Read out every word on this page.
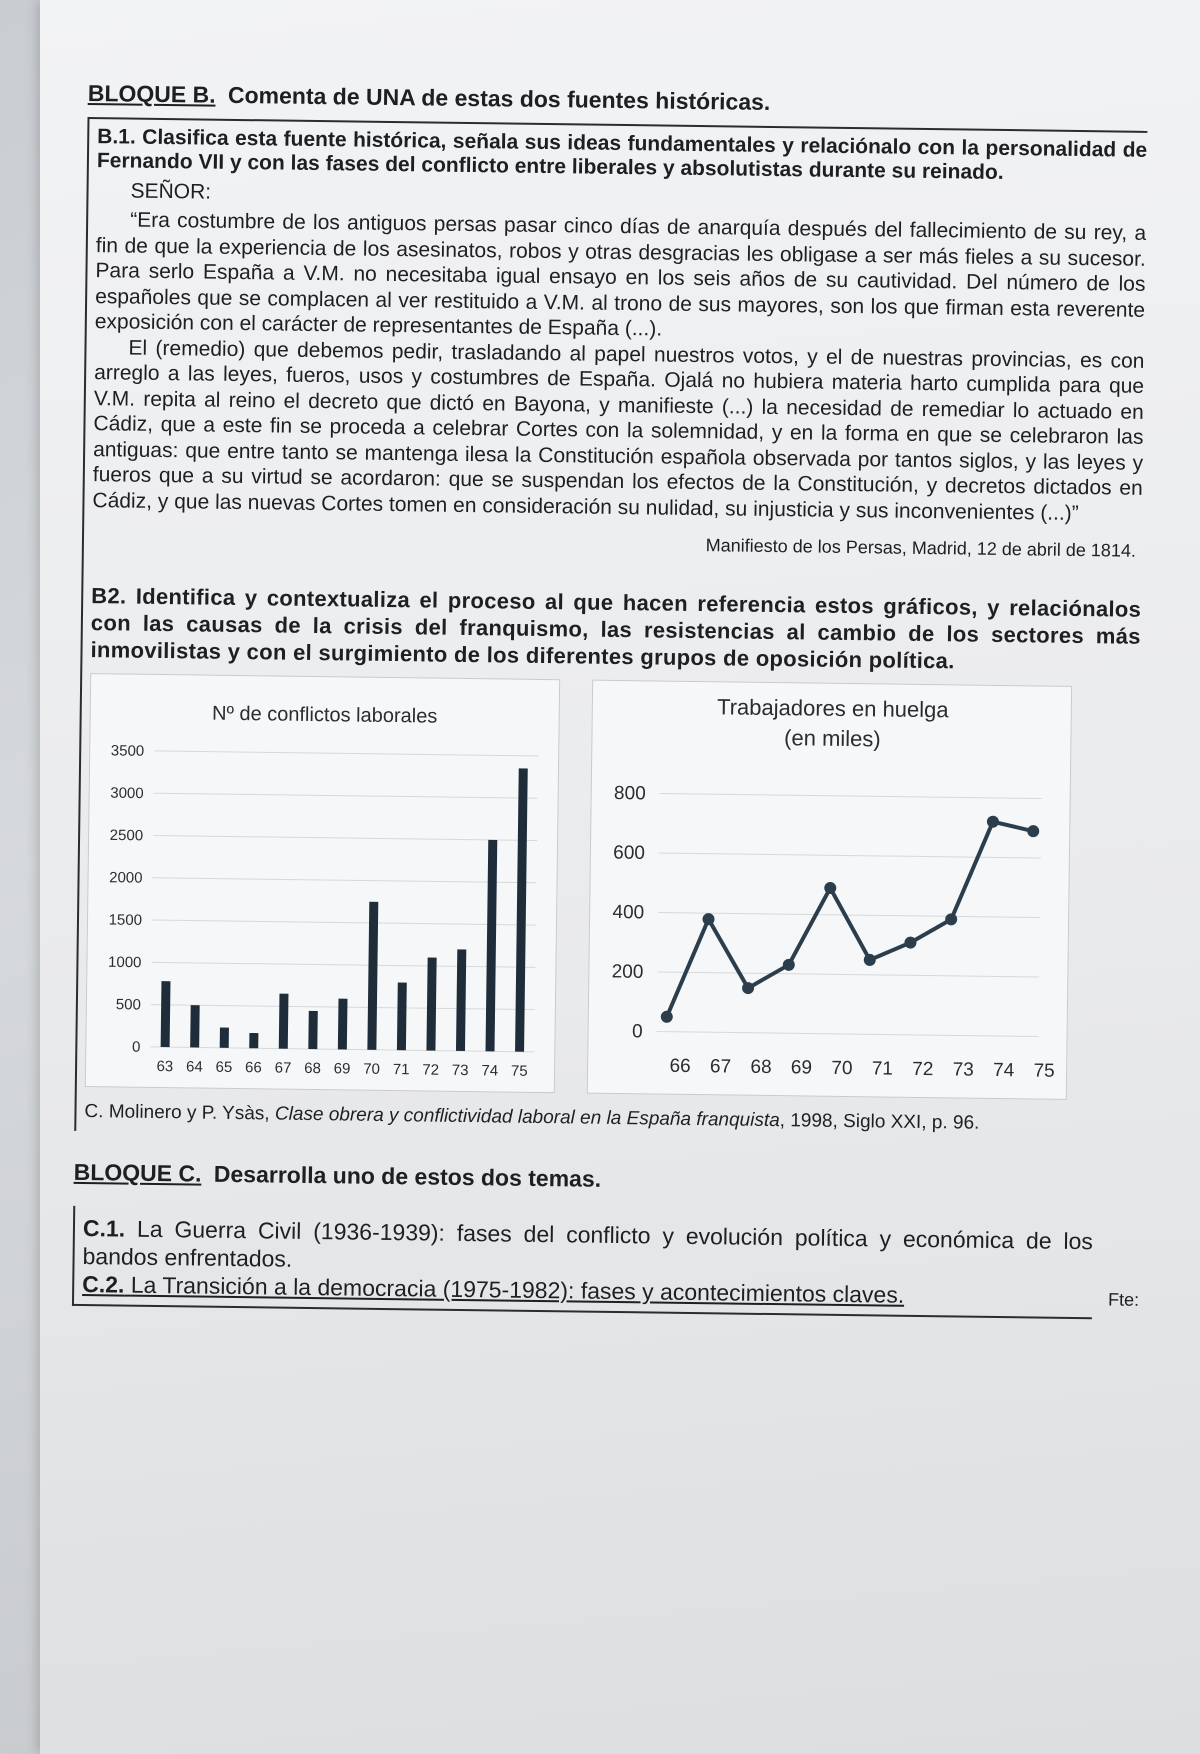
BLOQUE B. Comenta de UNA de estas dos fuentes históricas.
B.1. Clasifica esta fuente histórica, señala sus ideas fundamentales y relaciónalo con la personalidad de Fernando VII y con las fases del conflicto entre liberales y absolutistas durante su reinado.
SEÑOR:

“Era costumbre de los antiguos persas pasar cinco días de anarquía después del fallecimiento de su rey, a fin de que la experiencia de los asesinatos, robos y otras desgracias les obligase a ser más fieles a su sucesor. Para serlo España a V.M. no necesitaba igual ensayo en los seis años de su cautividad. Del número de los españoles que se complacen al ver restituido a V.M. al trono de sus mayores, son los que firman esta reverente exposición con el carácter de representantes de España (...).

El (remedio) que debemos pedir, trasladando al papel nuestros votos, y el de nuestras provincias, es con arreglo a las leyes, fueros, usos y costumbres de España. Ojalá no hubiera materia harto cumplida para que V.M. repita al reino el decreto que dictó en Bayona, y manifieste (...) la necesidad de remediar lo actuado en Cádiz, que a este fin se proceda a celebrar Cortes con la solemnidad, y en la forma en que se celebraron las antiguas: que entre tanto se mantenga ilesa la Constitución española observada por tantos siglos, y las leyes y fueros que a su virtud se acordaron: que se suspendan los efectos de la Constitución, y decretos dictados en Cádiz, y que las nuevas Cortes tomen en consideración su nulidad, su injusticia y sus inconvenientes (...)”

Manifiesto de los Persas, Madrid, 12 de abril de 1814.
B2. Identifica y contextualiza el proceso al que hacen referencia estos gráficos, y relaciónalos con las causas de la crisis del franquismo, las resistencias al cambio de los sectores más inmovilistas y con el surgimiento de los diferentes grupos de oposición política.
Nº de conflictos laborales
0
500
1000
1500
2000
2500
3000
3500
63 64 65 66 67 68 69 70 71 72 73 74 75
Trabajadores en huelga
(en miles)
0
200
400
600
800
66 67 68 69 70 71 72 73 74 75
C. Molinero y P. Ysàs, Clase obrera y conflictividad laboral en la España franquista, 1998, Siglo XXI, p. 96.
Fte:
BLOQUE C. Desarrolla uno de estos dos temas.
C.1. La Guerra Civil (1936-1939): fases del conflicto y evolución política y económica de los bandos enfrentados.
C.2. La Transición a la democracia (1975-1982): fases y acontecimientos claves.
